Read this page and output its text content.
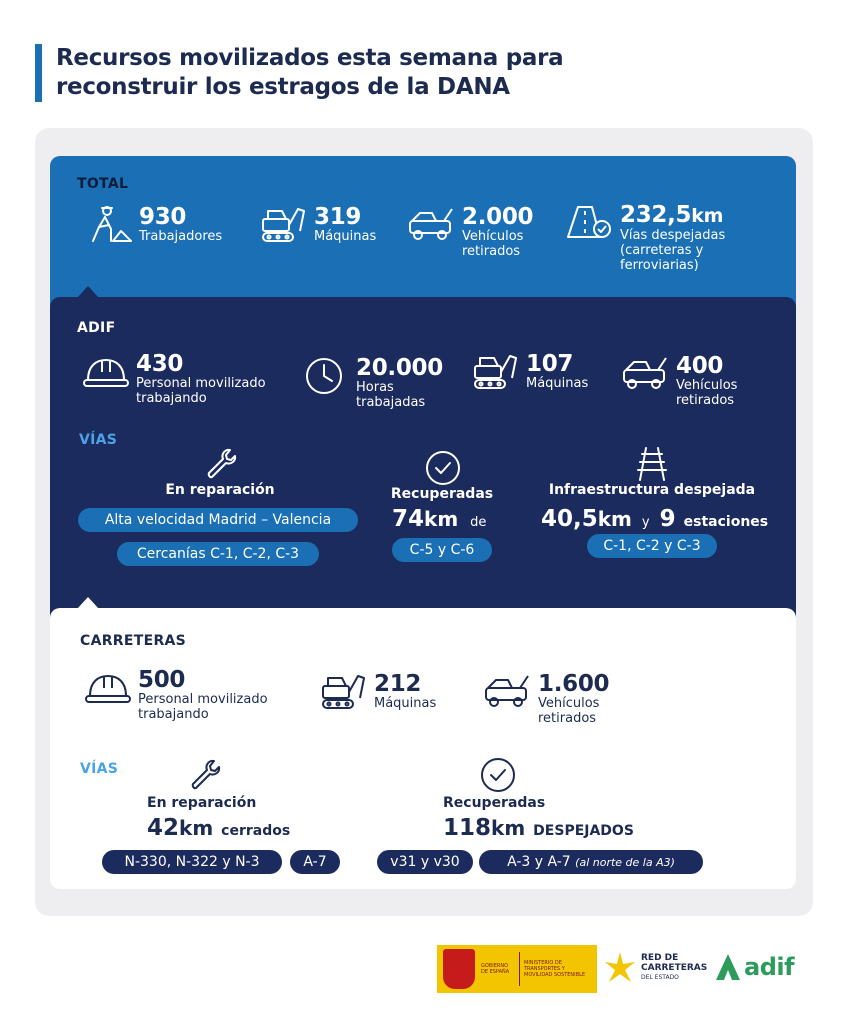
Recursos movilizados esta semana para reconstruir los estragos de la DANA
TOTAL
930
Trabajadores
319
Máquinas
2.000
Vehículos retirados
232,5km
Vías despejadas (carreteras y ferroviarias)
ADIF
430
Personal movilizado trabajando
20.000
Horas trabajadas
107
Máquinas
400
Vehículos retirados
VÍAS
En reparación
Alta velocidad Madrid – Valencia
Cercanías C-1, C-2, C-3
Recuperadas
74km de
C-5 y C-6
Infraestructura despejada
40,5km y 9 estaciones
C-1, C-2 y C-3
CARRETERAS
500
Personal movilizado trabajando
212
Máquinas
1.600
Vehículos retirados
VÍAS
En reparación
42km cerrados
N-330, N-322 y N-3	A-7
Recuperadas
118km DESPEJADOS
v31 y v30	A-3 y A-7 (al norte de la A3)
GOBIERNO DE ESPAÑA
MINISTERIO DE TRANSPORTES Y MOVILIDAD SOSTENIBLE
RED DE
CARRETERAS
DEL ESTADO	adif
